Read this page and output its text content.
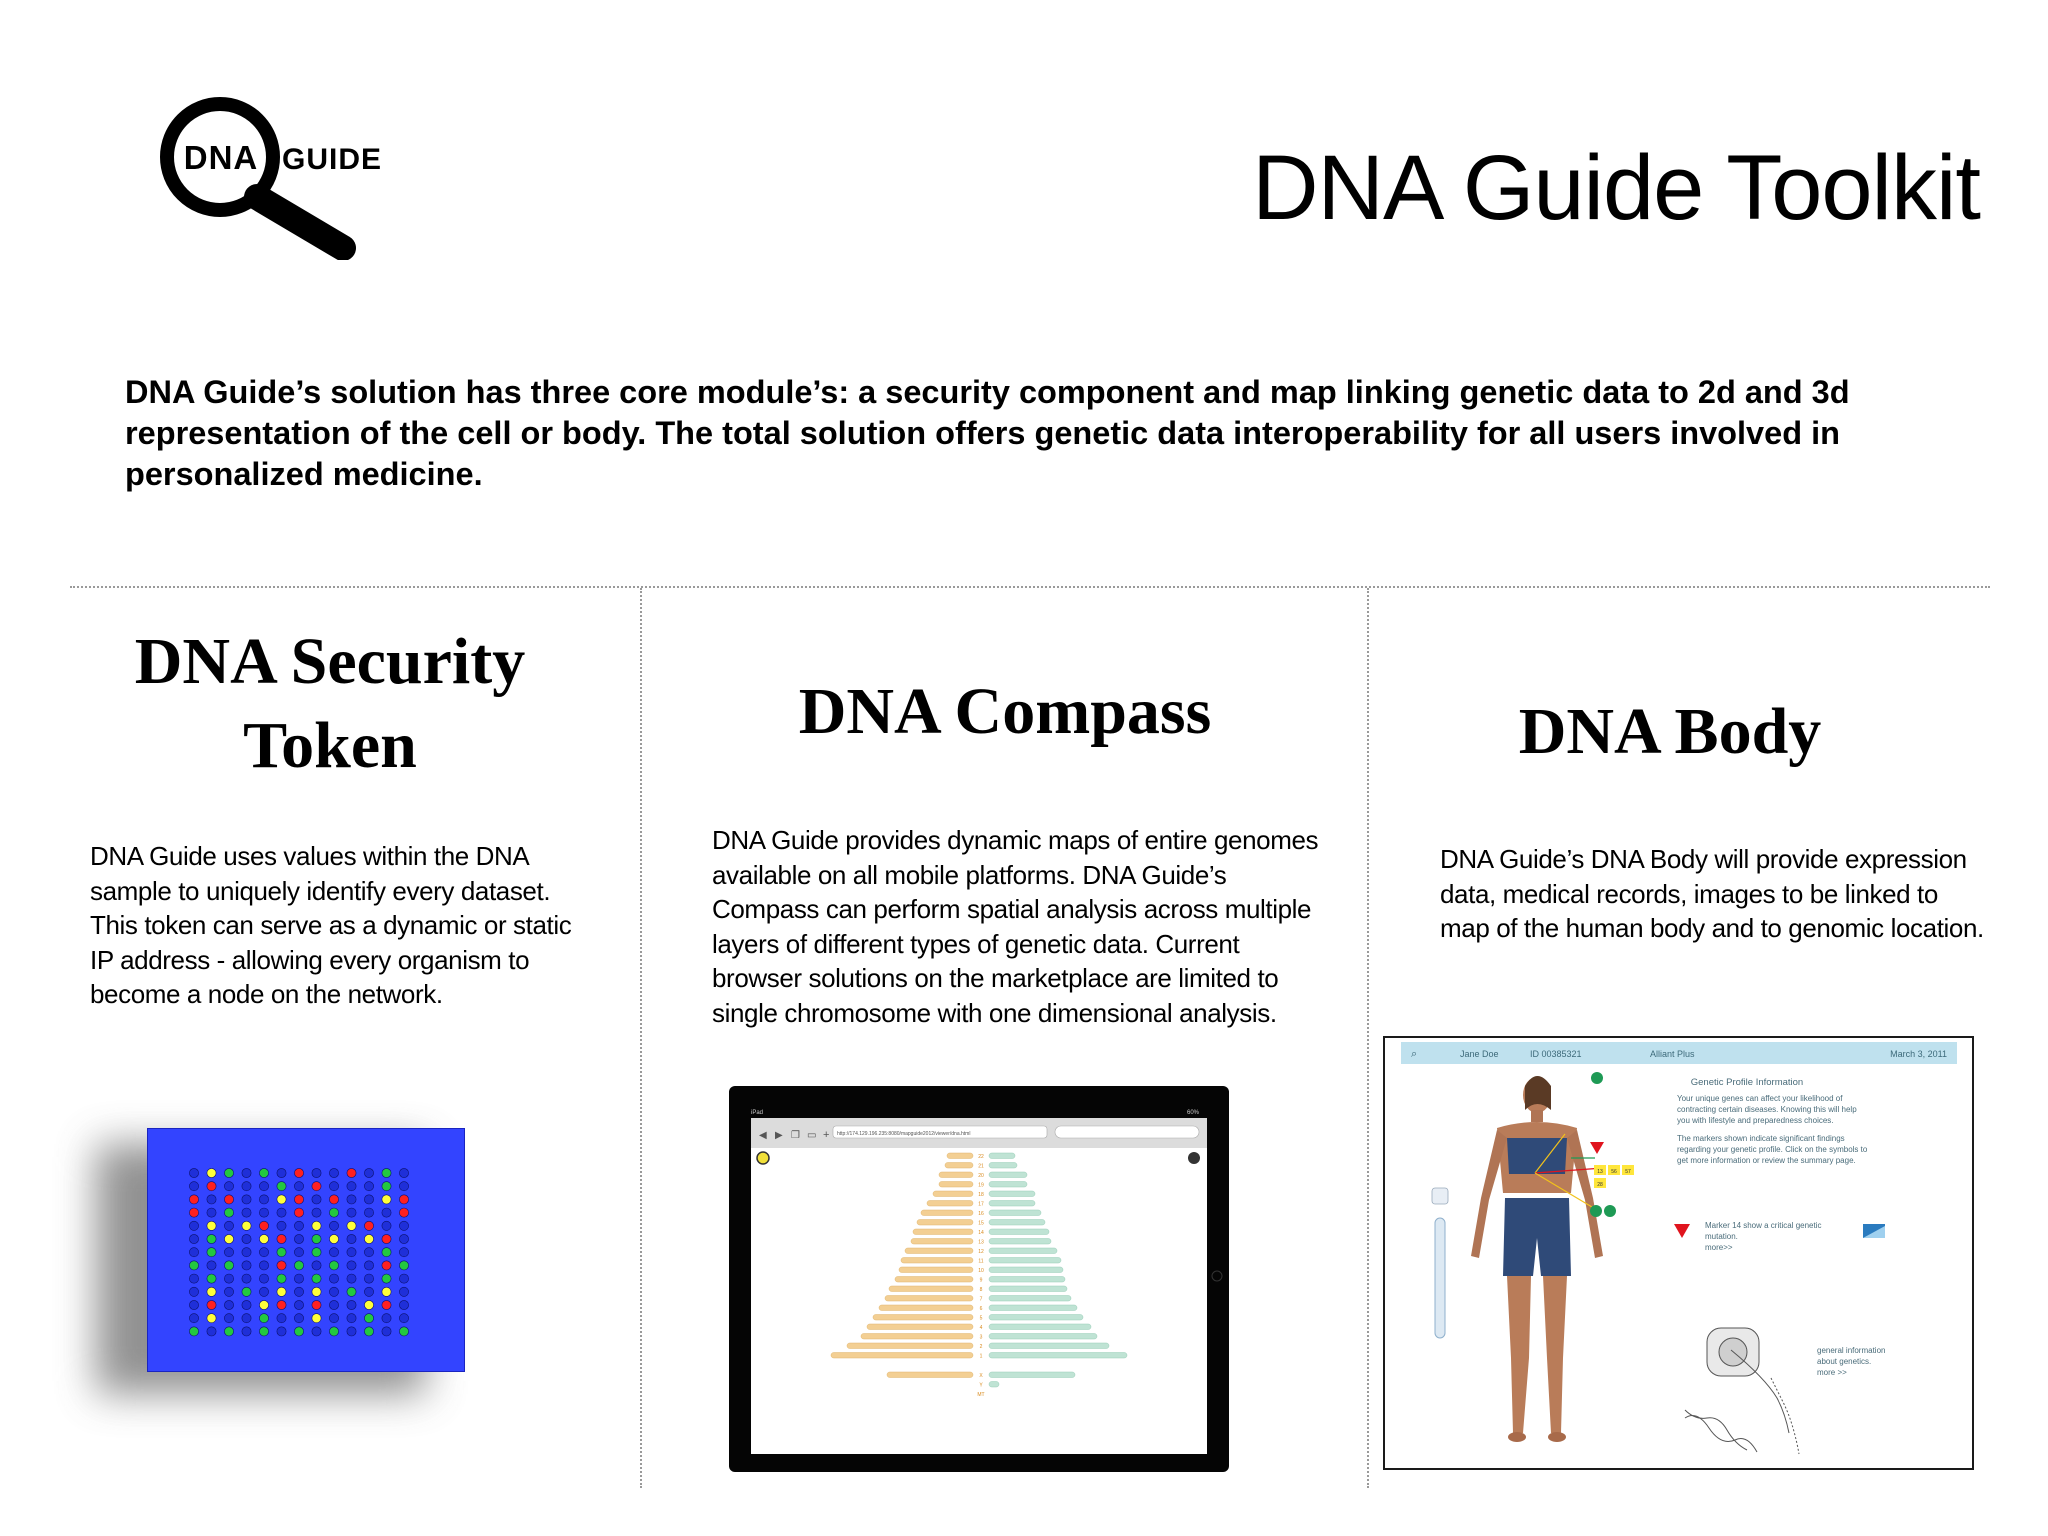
DNA GUIDE	DNA Guide Toolkit
DNA Guide’s solution has three core module’s: a security component and map linking genetic data to 2d and 3d representation of the cell or body. The total solution offers genetic data interoperability for all users involved in personalized medicine.
DNA Security
Token
DNA Guide uses values within the DNA
sample to uniquely identify every dataset.
This token can serve as a dynamic or static
IP address - allowing every organism to
become a node on the network.
DNA Compass
DNA Guide provides dynamic maps of entire genomes
available on all mobile platforms. DNA Guide’s
Compass can perform spatial analysis across multiple
layers of different types of genetic data. Current
browser solutions on the marketplace are limited to
single chromosome with one dimensional analysis.
iPad	60%
◀ ▶ ❐ ▭ + http://174.129.196.235:8080/mapguide2012/viewer/dna.html
22
21
20
19
18
17
16
15
14
13
12
11
10
9
8
7
6
5
4
3
2
1
X
Y
MT
DNA Body
DNA Guide’s DNA Body will provide expression
data, medical records, images to be linked to
map of the human body and to genomic location.
⌕	Jane Doe	ID 00385321	Alliant Plus	March 3, 2011
13 56 57
28
Genetic Profile Information
Your unique genes can affect your likelihood of
contracting certain diseases. Knowing this will help
you with lifestyle and preparedness choices.
The markers shown indicate significant findings
regarding your genetic profile. Click on the symbols to
get more information or review the summary page.
Marker 14 show a critical genetic
mutation.
more>>
general information
about genetics.
more >>
